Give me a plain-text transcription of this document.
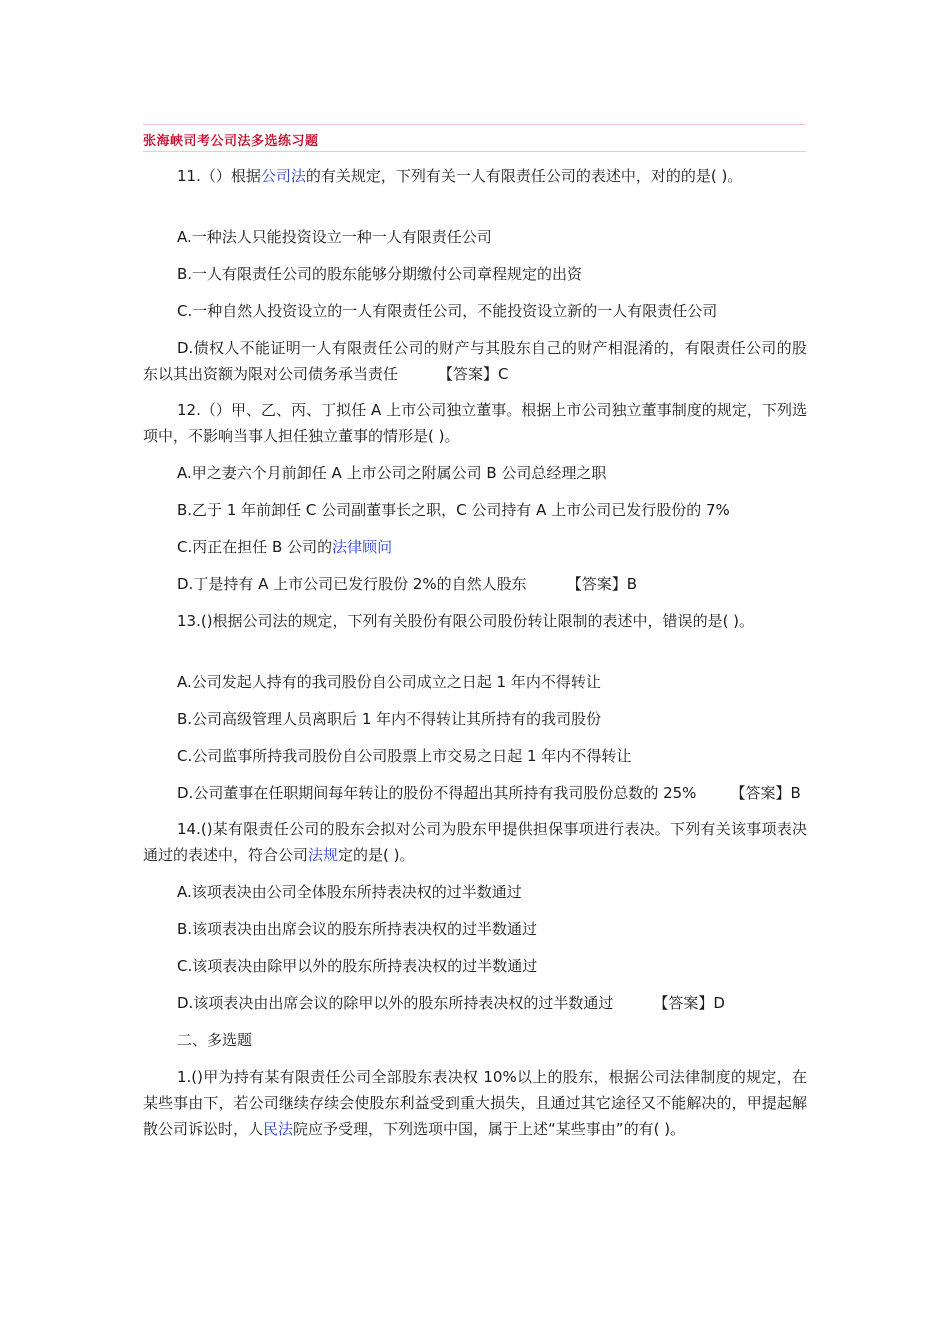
张海峡司考公司法多选练习题

11.（）根据公司法的有关规定，下列有关一人有限责任公司的表述中，对的的是( )。

A.一种法人只能投资设立一种一人有限责任公司

B.一人有限责任公司的股东能够分期缴付公司章程规定的出资

C.一种自然人投资设立的一人有限责任公司，不能投资设立新的一人有限责任公司

D.债权人不能证明一人有限责任公司的财产与其股东自己的财产相混淆的，有限责任公司的股东以其出资额为限对公司债务承当责任	【答案】C

12.（）甲、乙、丙、丁拟任 A 上市公司独立董事。根据上市公司独立董事制度的规定，下列选项中，不影响当事人担任独立董事的情形是( )。

A.甲之妻六个月前卸任 A 上市公司之附属公司 B 公司总经理之职

B.乙于 1 年前卸任 C 公司副董事长之职，C 公司持有 A 上市公司已发行股份的 7%

C.丙正在担任 B 公司的法律顾问

D.丁是持有 A 上市公司已发行股份 2%的自然人股东	【答案】B

13.()根据公司法的规定，下列有关股份有限公司股份转让限制的表述中，错误的是( )。

A.公司发起人持有的我司股份自公司成立之日起 1 年内不得转让

B.公司高级管理人员离职后 1 年内不得转让其所持有的我司股份

C.公司监事所持我司股份自公司股票上市交易之日起 1 年内不得转让

D.公司董事在任职期间每年转让的股份不得超出其所持有我司股份总数的 25% 【答案】B

14.()某有限责任公司的股东会拟对公司为股东甲提供担保事项进行表决。下列有关该事项表决通过的表述中，符合公司法规定的是( )。

A.该项表决由公司全体股东所持表决权的过半数通过

B.该项表决由出席会议的股东所持表决权的过半数通过

C.该项表决由除甲以外的股东所持表决权的过半数通过

D.该项表决由出席会议的除甲以外的股东所持表决权的过半数通过	【答案】D

二、多选题

1.()甲为持有某有限责任公司全部股东表决权 10%以上的股东，根据公司法律制度的规定，在某些事由下，若公司继续存续会使股东利益受到重大损失，且通过其它途径又不能解决的，甲提起解散公司诉讼时，人民法院应予受理，下列选项中国，属于上述“某些事由”的有( )。
